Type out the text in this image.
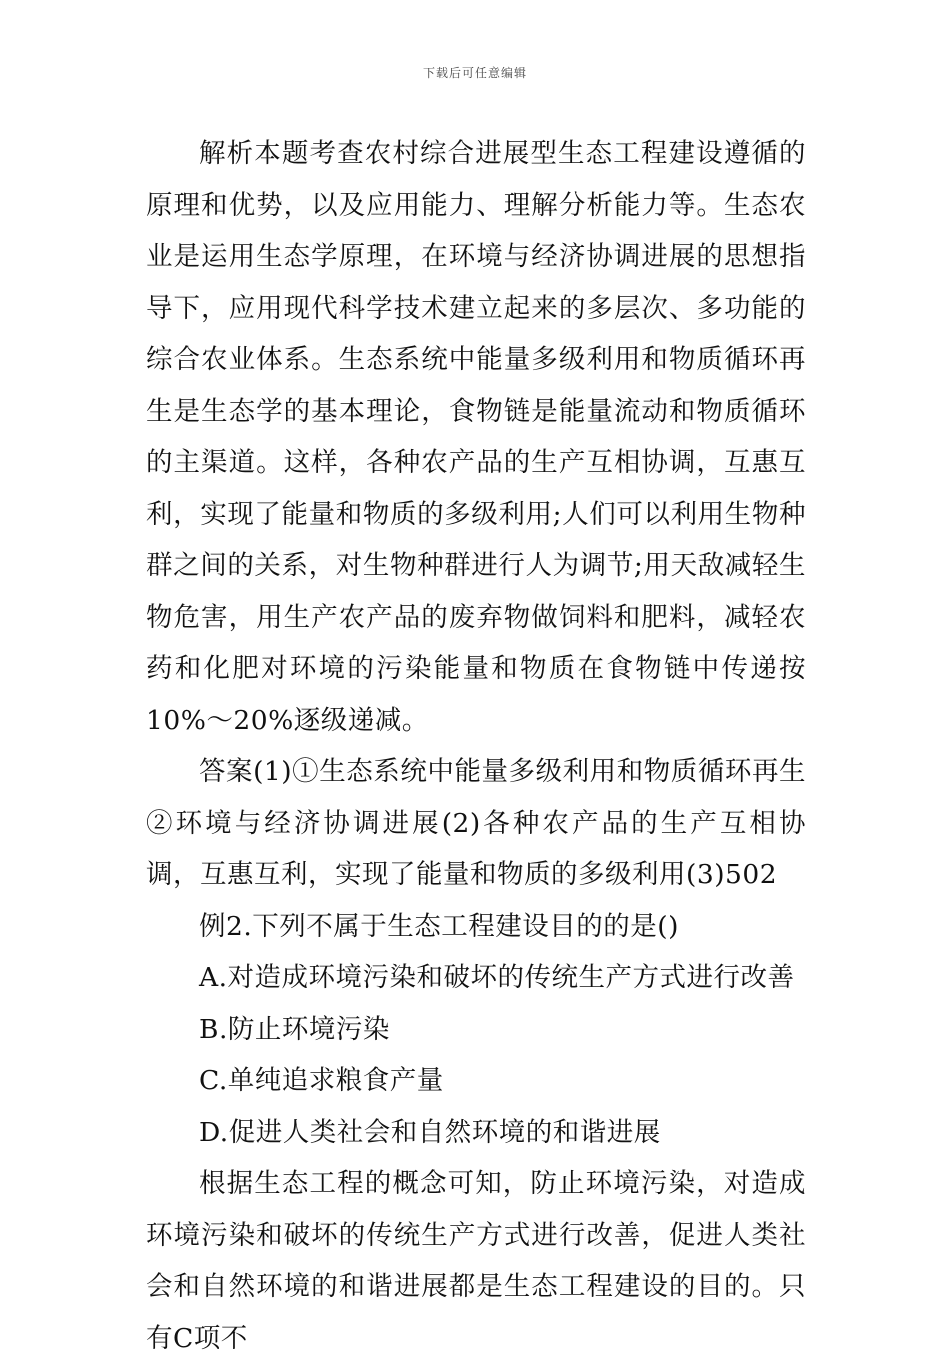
下载后可任意编辑

解析本题考查农村综合进展型生态工程建设遵循的原理和优势，以及应用能力、理解分析能力等。生态农业是运用生态学原理，在环境与经济协调进展的思想指导下，应用现代科学技术建立起来的多层次、多功能的综合农业体系。生态系统中能量多级利用和物质循环再生是生态学的基本理论，食物链是能量流动和物质循环的主渠道。这样，各种农产品的生产互相协调，互惠互利，实现了能量和物质的多级利用;人们可以利用生物种群之间的关系，对生物种群进行人为调节;用天敌减轻生物危害，用生产农产品的废弃物做饲料和肥料，减轻农药和化肥对环境的污染能量和物质在食物链中传递按10%～20%逐级递减。

答案(1)①生态系统中能量多级利用和物质循环再生②环境与经济协调进展(2)各种农产品的生产互相协调，互惠互利，实现了能量和物质的多级利用(3)502

例2.下列不属于生态工程建设目的的是()

A.对造成环境污染和破坏的传统生产方式进行改善

B.防止环境污染

C.单纯追求粮食产量

D.促进人类社会和自然环境的和谐进展

根据生态工程的概念可知，防止环境污染，对造成环境污染和破坏的传统生产方式进行改善，促进人类社会和自然环境的和谐进展都是生态工程建设的目的。只有C项不
